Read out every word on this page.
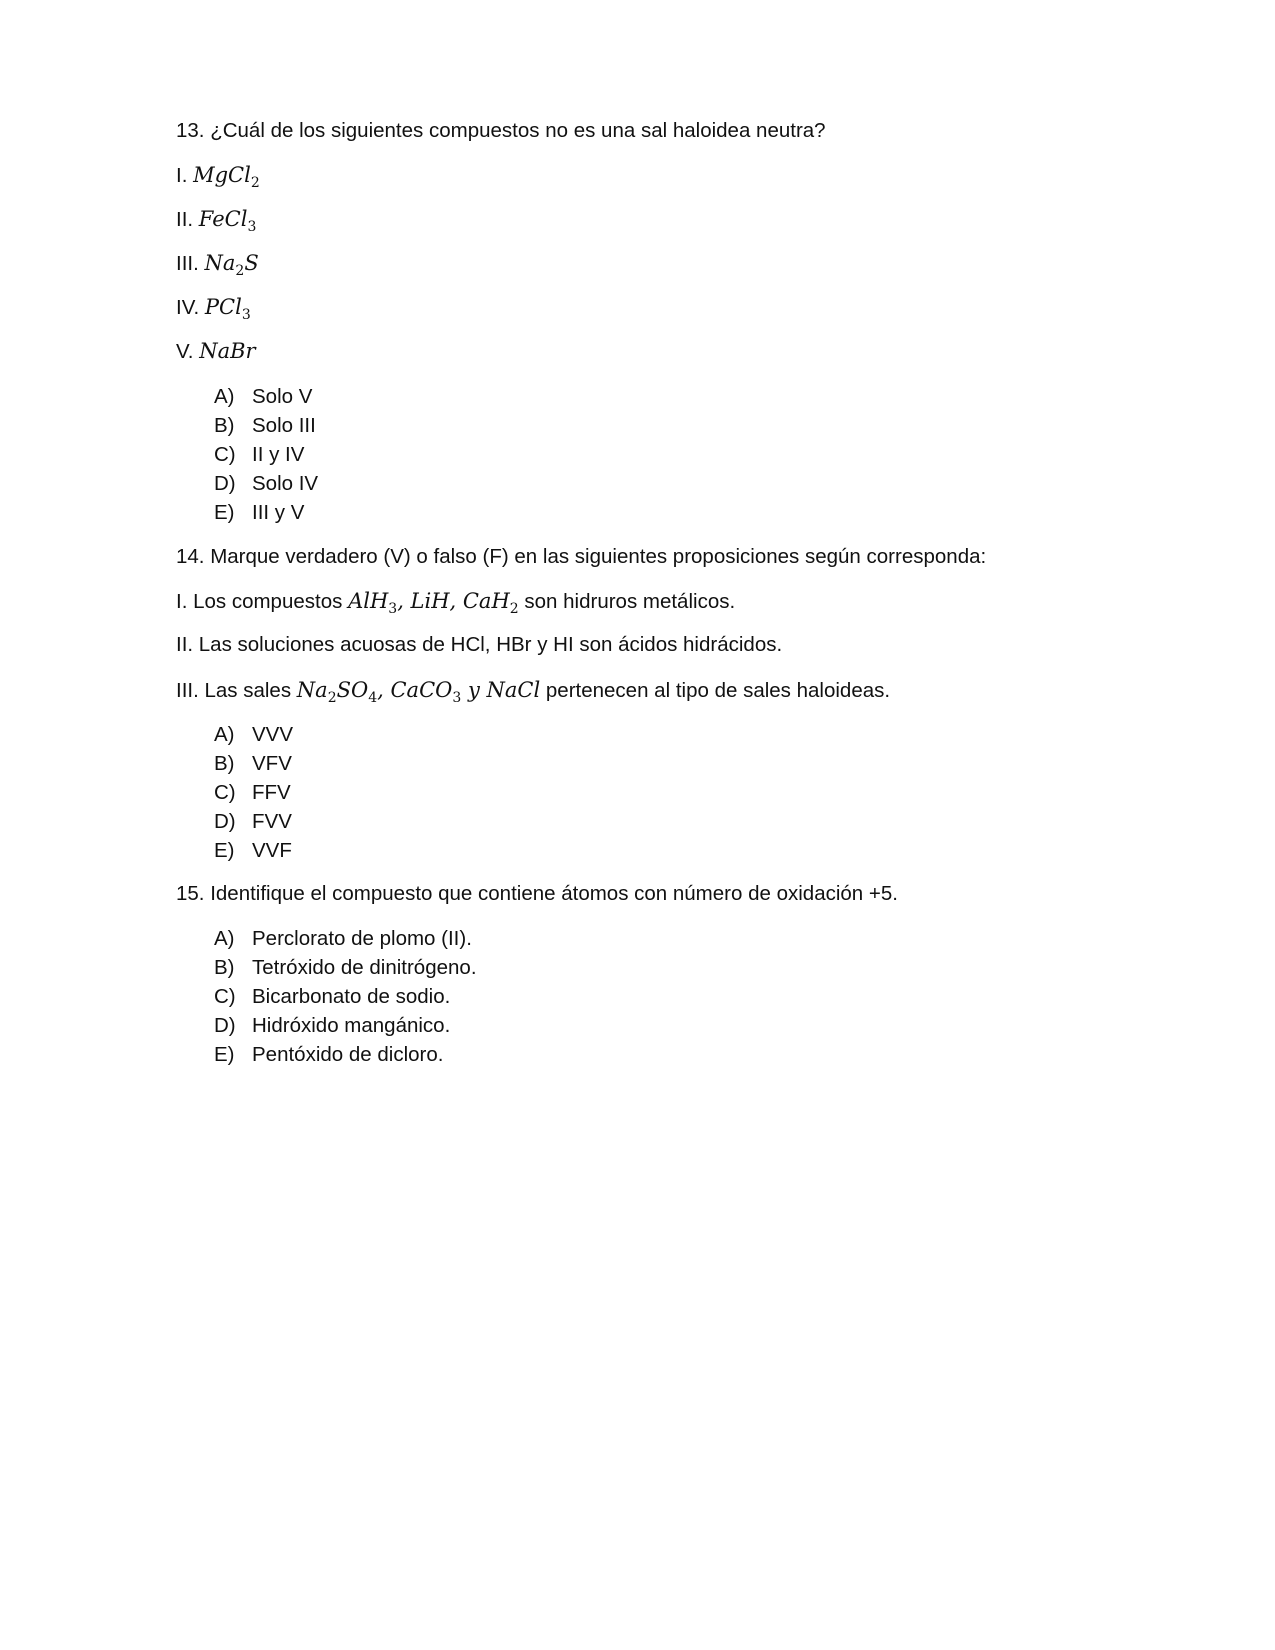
13. ¿Cuál de los siguientes compuestos no es una sal haloidea neutra?
I. MgCl$_2$
II. FeCl$_3$
III. $Na_2S$
IV. PCl$_3$
V. NaBr
A) Solo V
B) Solo III
C) II y IV
D) Solo IV
E) III y V
14. Marque verdadero (V) o falso (F) en las siguientes proposiciones según corresponda:
I. Los compuestos AlH$_3$, LiH, CaH$_2$ son hidruros metálicos.
II. Las soluciones acuosas de HCl, HBr y HI son ácidos hidrácidos.
III. Las sales $Na_2SO_4$, CaCO$_3$ y NaCl pertenecen al tipo de sales haloideas.
A) VVV
B) VFV
C) FFV
D) FVV
E) VVF
15. Identifique el compuesto que contiene átomos con número de oxidación +5.
A) Perclorato de plomo (II).
B) Tetróxido de dinitrógeno.
C) Bicarbonato de sodio.
D) Hidróxido mangánico.
E) Pentóxido de dicloro.
